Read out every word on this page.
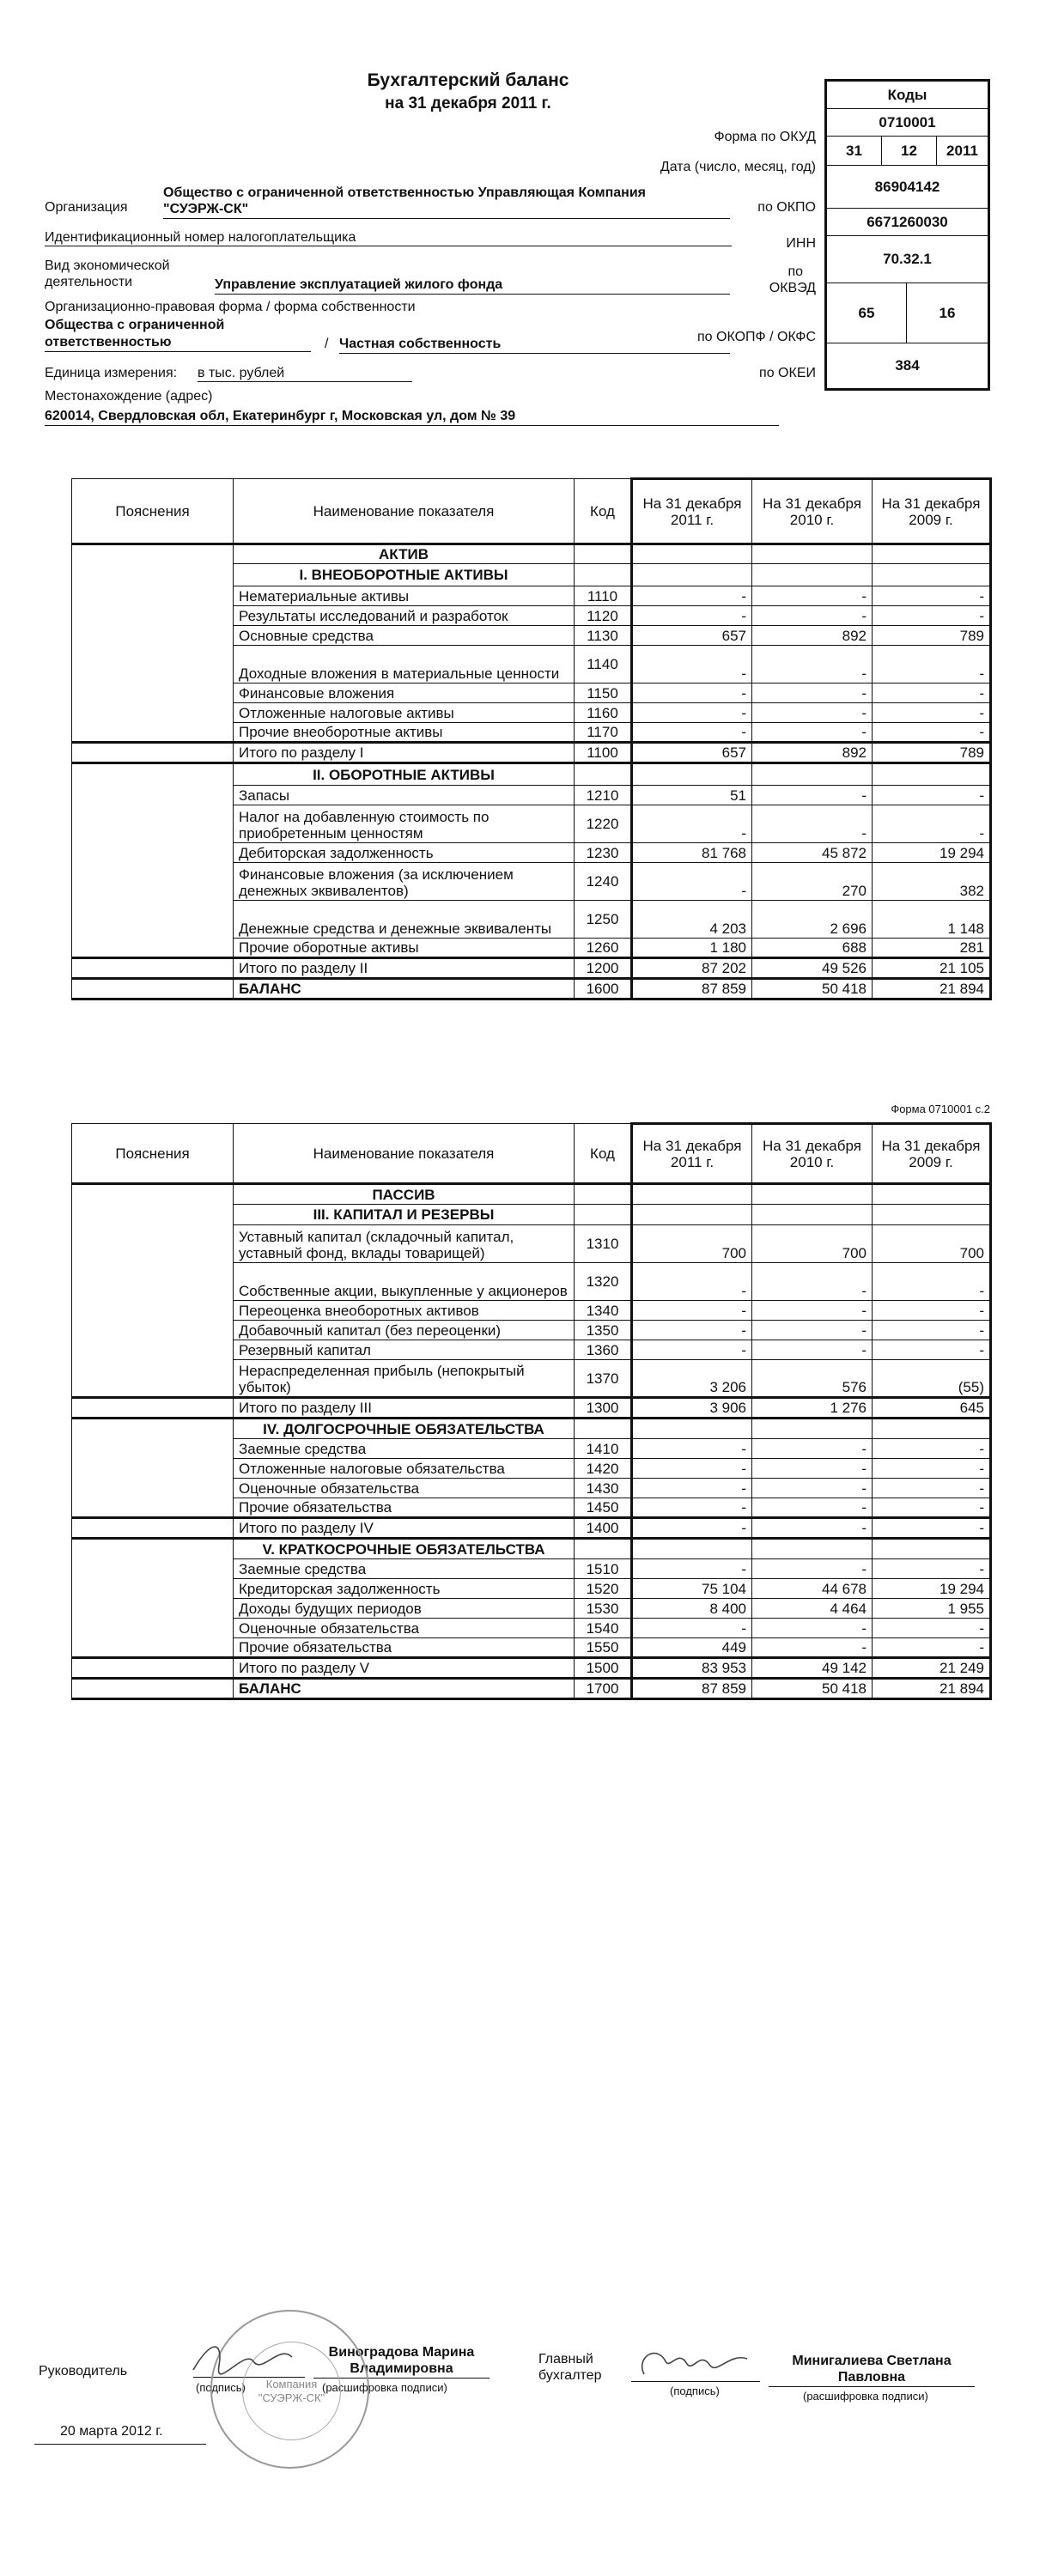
Бухгалтерский баланс
на 31 декабря 2011 г.	Коды
0710001
31	12	2011
86904142
6671260030
70.32.1
65	16
384
Форма по ОКУД
Дата (число, месяц, год)
Организация
Общество с ограниченной ответственностью Управляющая Компания
"СУЭРЖ-СК"	по ОКПО
Идентификационный номер налогоплательщика	ИНН
Вид экономической
деятельности	Управление эксплуатацией жилого фонда
по
ОКВЭД
Организационно-правовая форма / форма собственности
Общества с ограниченной
ответственностью	/ Частная собственность	по ОКОПФ / ОКФС
Единица измерения: в тыс. рублей	по ОКЕИ
Местонахождение (адрес)
620014, Свердловская обл, Екатеринбург г, Московская ул, дом № 39
Пояснения	Наименование показателя	Код	На 31 декабря 2011 г.	На 31 декабря 2010 г.	На 31 декабря 2009 г.
	АКТИВ				
	I. ВНЕОБОРОТНЫЕ АКТИВЫ				
	Нематериальные активы	1110	-	-	-
	Результаты исследований и разработок	1120	-	-	-
	Основные средства	1130	657	892	789
	Доходные вложения в материальные ценности	1140	-	-	-
	Финансовые вложения	1150	-	-	-
	Отложенные налоговые активы	1160	-	-	-
	Прочие внеоборотные активы	1170	-	-	-
	Итого по разделу I	1100	657	892	789
	II. ОБОРОТНЫЕ АКТИВЫ				
	Запасы	1210	51	-	-
	Налог на добавленную стоимость по приобретенным ценностям	1220	-	-	-
	Дебиторская задолженность	1230	81 768	45 872	19 294
	Финансовые вложения (за исключением денежных эквивалентов)	1240	-	270	382
	Денежные средства и денежные эквиваленты	1250	4 203	2 696	1 148
	Прочие оборотные активы	1260	1 180	688	281
	Итого по разделу II	1200	87 202	49 526	21 105
	БАЛАНС	1600	87 859	50 418	21 894
Форма 0710001 с.2
Пояснения	Наименование показателя	Код	На 31 декабря 2011 г.	На 31 декабря 2010 г.	На 31 декабря 2009 г.
	ПАССИВ				
	III. КАПИТАЛ И РЕЗЕРВЫ				
	Уставный капитал (складочный капитал, уставный фонд, вклады товарищей)	1310	700	700	700
	Собственные акции, выкупленные у акционеров	1320	-	-	-
	Переоценка внеоборотных активов	1340	-	-	-
	Добавочный капитал (без переоценки)	1350	-	-	-
	Резервный капитал	1360	-	-	-
	Нераспределенная прибыль (непокрытый убыток)	1370	3 206	576	(55)
	Итого по разделу III	1300	3 906	1 276	645
	IV. ДОЛГОСРОЧНЫЕ ОБЯЗАТЕЛЬСТВА				
	Заемные средства	1410	-	-	-
	Отложенные налоговые обязательства	1420	-	-	-
	Оценочные обязательства	1430	-	-	-
	Прочие обязательства	1450	-	-	-
	Итого по разделу IV	1400	-	-	-
	V. КРАТКОСРОЧНЫЕ ОБЯЗАТЕЛЬСТВА				
	Заемные средства	1510	-	-	-
	Кредиторская задолженность	1520	75 104	44 678	19 294
	Доходы будущих периодов	1530	8 400	4 464	1 955
	Оценочные обязательства	1540	-	-	-
	Прочие обязательства	1550	449	-	-
	Итого по разделу V	1500	83 953	49 142	21 249
	БАЛАНС	1700	87 859	50 418	21 894
Руководитель
(подпись)
Виноградова Марина
Владимировна
(расшифровка подписи)
Компания
"СУЭРЖ-СК"
Главный
бухгалтер
(подпись)
Минигалиева Светлана
Павловна
(расшифровка подписи)
20 марта 2012 г.
